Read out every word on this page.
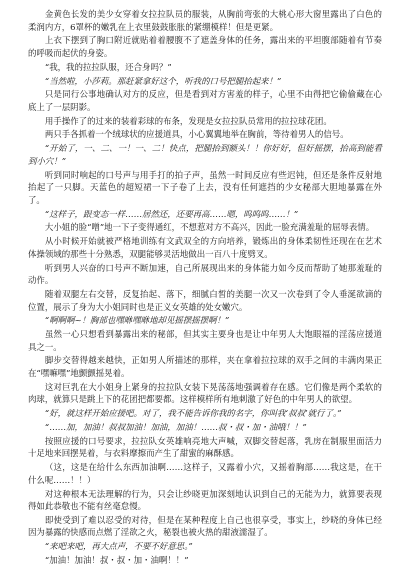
金黄色长发的美少女穿着女拉拉队员的服装，从胸前弯张的大桃心形大窗里露出了白色的柔润内方，6罩杯的嫩乳在上衣里鼓鼓胀胀的紧绷模样！但是更紧。

上衣下摆到了胸口附近就贴着着腰腹不了遮盖身体的任务，露出来的平坦腹部随着有节奏的呼吸而起伏的身姿。

“我，我的拉拉队服，还合身吗？”

“当然啦，小莎莉。那赶紧拿好这个，听我的口号把腿抬起来！”

只是同行公事地确认对方的反应，但是看到对方害羞的样子，心里不由得把它偷偷藏在心底上了一层阴影。

用手操作了的过来的装着彩球的布条，发现是女拉拉队员常用的拉拉球花团。

两只手各抓着一个绒球状的应援道具，小心翼翼地举在胸前，等待着男人的信号。

“开始了，一、二、一！一、二！快点，把腿抬到额头！！你好好，但好摇摆，抬高到能看到小穴！”

听到同时响起的口号声与用手打的拍子声，虽然一时间反应有些迟钝，但还是条件反射地抬起了一只脚。天蓝色的超短裙一下子卷了上去，没有任何遮挡的少女秘部大胆地暴露在外了。

“这样子，跟变态一样……居然还，还要再高……嗯，呜呜呜……！”

大小姐的脸“噌”地一下子变得通红，不想惹对方不高兴，因此一脸充满羞耻的屈辱表情。

从小时候开始就被严格地训练有文武双全的方向培养，锻炼出的身体柔韧性还现在在艺术体操领域的那些十分熟悉，双腿能够灵活地做出一百八十度劈叉。

听到男人兴奋的口号声不断加速，自己所展现出来的身体能力如今反而帮助了她那羞耻的动作。

随着双腿左右交替，反复抬起、落下，细腻白皙的美腿一次又一次卷到了令人垂涎欲滴的位置，展示了身为大小姐同时也是正义女英雄的处女嫩穴。

“啊啊啊~！胸部也嘿咻嘿咻地却见摇摆摇摆啊！”

虽然一心只想看到暴露出来的秘部，但其实主要身也是让中年男人大饱眼福的淫荡应援道具之一。

脚步交替得越来越快，正如男人所描述的那样，夹在拿着拉拉球的双手之间的丰满肉果正在“嘿嘛嘿”地颤颤摇晃着。

这对巨乳在大小姐身上紧身的拉拉队女装下晃荡荡地强调着存在感。它们像是两个柔软的肉球，就算只是跳上下的花团把都要都。这样模样所有地刺激了好色的中年男人的欲望。

“好，就这样开始应援吧。对了，我不能告诉你我的名字，你叫我‘叔叔’就行了。”

“……加，加油！叔叔加油！加油，加油！……叔・叔・加・油哦！！”

按照应援的口号要求，拉拉队女英雄响亮地大声喊，双脚交替起落，乳房在制服里面活力十足地来回摆晃着，与衣料摩擦而产生了甜蜜的麻酥感。

（这，这是在给什么东西加油啊……这样子，又露着小穴，又摇着胸部……我这是，在干什么呢……！！）

对这种根本无法理解的行为，只会让纱晓更加深刻地认识到自己的无能为力，就算要表现得如此恭敬也不能有丝毫怠慢。

即使受到了难以忍受的对待，但是在某种程度上自己也很享受，事实上，纱晓的身体已经因为暴露的快感而点燃了淫欲之火，秘裂也被火热的甜液濡湿了。

“来吧来吧，再大点声，不要不好意思。”

“加油！加油！叔・叔・加・油啊！！”
